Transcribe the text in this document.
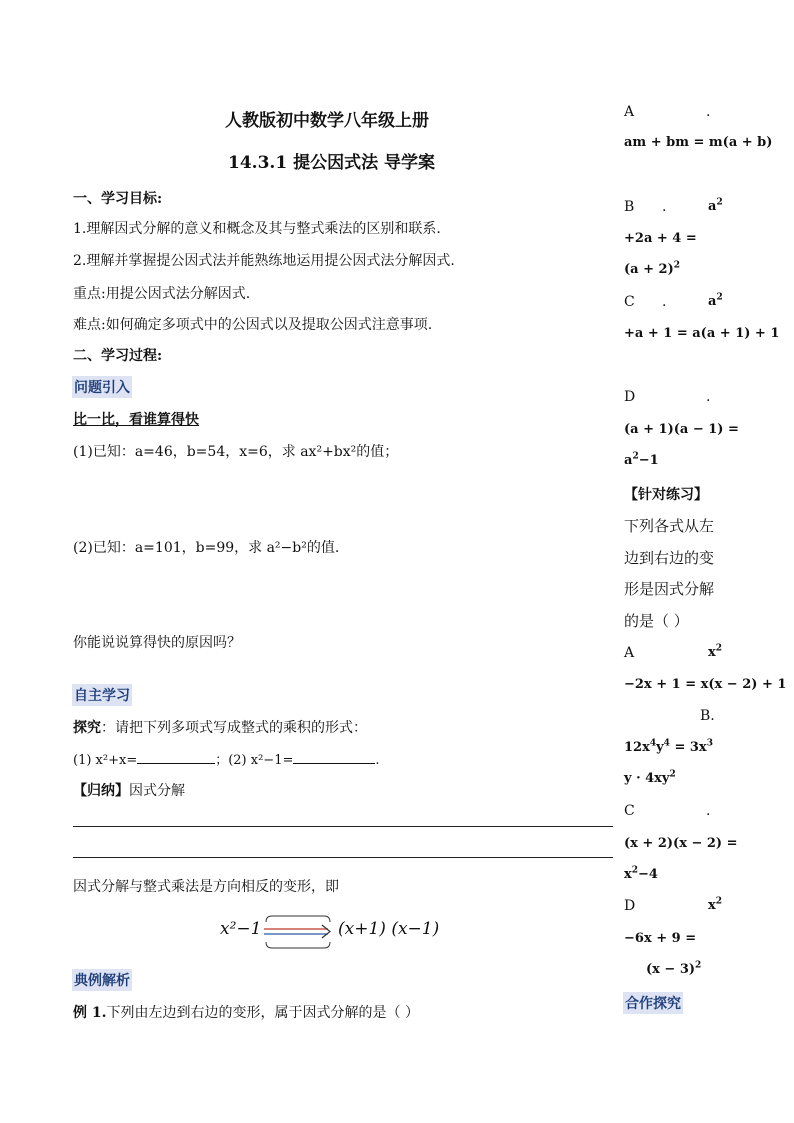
人教版初中数学八年级上册
14.3.1 提公因式法 导学案
一、学习目标:
1.理解因式分解的意义和概念及其与整式乘法的区别和联系.
2.理解并掌握提公因式法并能熟练地运用提公因式法分解因式.
重点:用提公因式法分解因式.
难点:如何确定多项式中的公因式以及提取公因式注意事项.
二、学习过程:
问题引入
比一比，看谁算得快
(1)已知：a=46，b=54，x=6，求 ax²+bx²的值；
(2)已知：a=101，b=99，求 a²−b²的值.
你能说说算得快的原因吗？
自主学习
探究：请把下列多项式写成整式的乘积的形式：
(1) x²+x=	；(2) x²−1=	.
【归纳】因式分解
因式分解与整式乘法是方向相反的变形，即
x²−1	(x+1) (x−1)
典例解析
例 1.下列由左边到右边的变形，属于因式分解的是（ ）
A	.
am + bm = m(a + b)
B .	$a^2$
+2a + 4 =
$(a + 2)^2$
C .	$a^2$
+a + 1 = a(a + 1) + 1
D	.
(a + 1)(a − 1) =
$a^2-1$
【针对练习】
下列各式从左
边到右边的变
形是因式分解
的是（ ）
A	$x^2$
−2x + 1 = x(x − 2) + 1
B.
$12x^4y^4 = 3x^3$
$y \cdot 4xy^2$
C	.
(x + 2)(x − 2) =
$x^2-4$
D	$x^2$
−6x + 9 =
$(x - 3)^2$
合作探究
